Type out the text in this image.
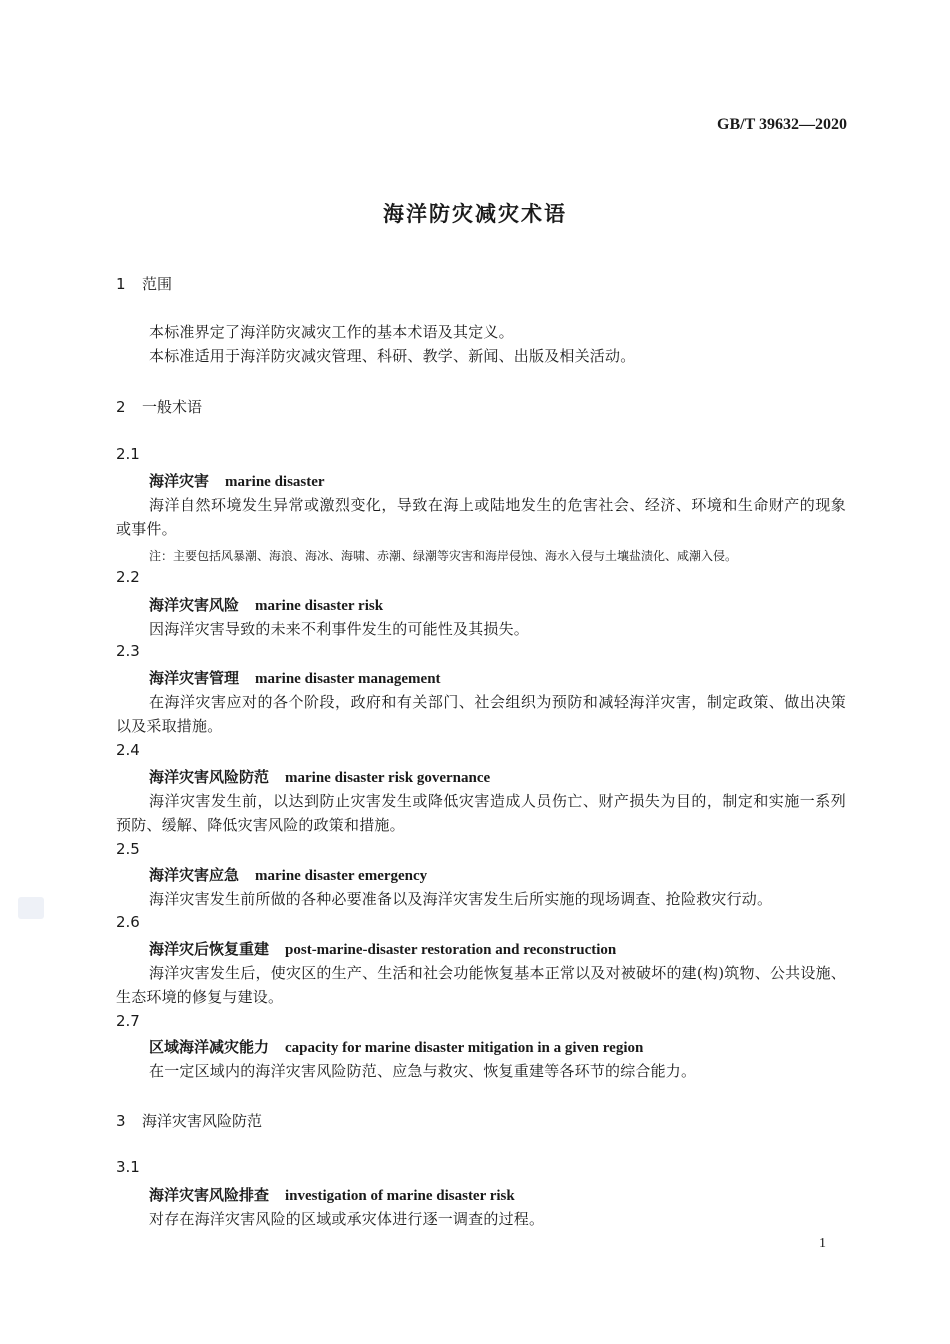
GB/T 39632—2020
海洋防灾减灾术语
1 范围
本标准界定了海洋防灾减灾工作的基本术语及其定义。
本标准适用于海洋防灾减灾管理、科研、教学、新闻、出版及相关活动。
2 一般术语
2.1
海洋灾害 marine disaster
海洋自然环境发生异常或激烈变化，导致在海上或陆地发生的危害社会、经济、环境和生命财产的现象或事件。
注：主要包括风暴潮、海浪、海冰、海啸、赤潮、绿潮等灾害和海岸侵蚀、海水入侵与土壤盐渍化、咸潮入侵。
2.2
海洋灾害风险 marine disaster risk
因海洋灾害导致的未来不利事件发生的可能性及其损失。
2.3
海洋灾害管理 marine disaster management
在海洋灾害应对的各个阶段，政府和有关部门、社会组织为预防和减轻海洋灾害，制定政策、做出决策以及采取措施。
2.4
海洋灾害风险防范 marine disaster risk governance
海洋灾害发生前，以达到防止灾害发生或降低灾害造成人员伤亡、财产损失为目的，制定和实施一系列预防、缓解、降低灾害风险的政策和措施。
2.5
海洋灾害应急 marine disaster emergency
海洋灾害发生前所做的各种必要准备以及海洋灾害发生后所实施的现场调查、抢险救灾行动。
2.6
海洋灾后恢复重建 post-marine-disaster restoration and reconstruction
海洋灾害发生后，使灾区的生产、生活和社会功能恢复基本正常以及对被破坏的建(构)筑物、公共设施、生态环境的修复与建设。
2.7
区域海洋减灾能力 capacity for marine disaster mitigation in a given region
在一定区域内的海洋灾害风险防范、应急与救灾、恢复重建等各环节的综合能力。
3 海洋灾害风险防范
3.1
海洋灾害风险排查 investigation of marine disaster risk
对存在海洋灾害风险的区域或承灾体进行逐一调查的过程。
1
